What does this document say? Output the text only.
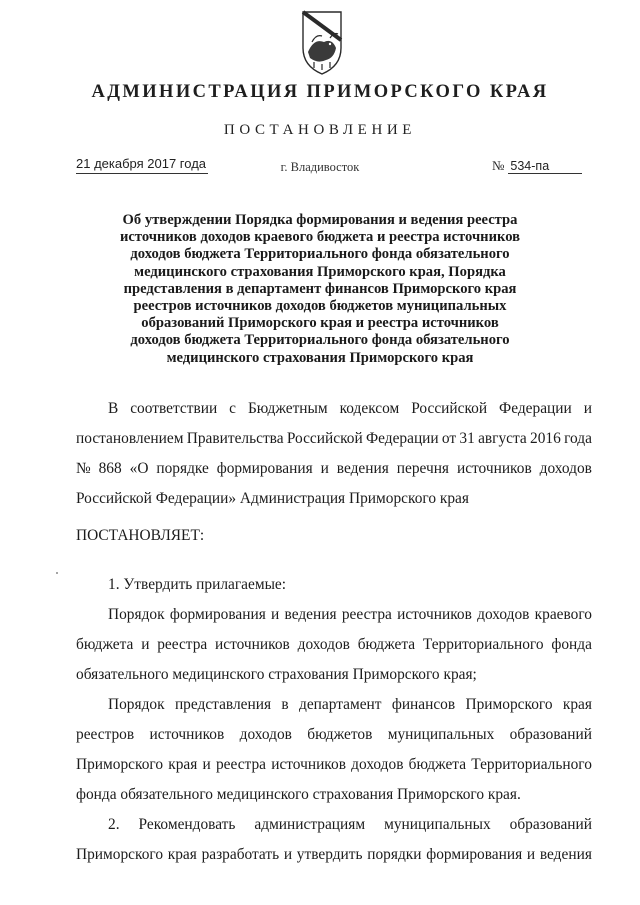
АДМИНИСТРАЦИЯ ПРИМОРСКОГО КРАЯ
ПОСТАНОВЛЕНИЕ
21 декабря 2017 года	г. Владивосток	№ 534-па
Об утверждении Порядка формирования и ведения реестра
источников доходов краевого бюджета и реестра источников
доходов бюджета Территориального фонда обязательного
медицинского страхования Приморского края, Порядка
представления в департамент финансов Приморского края
реестров источников доходов бюджетов муниципальных
образований Приморского края и реестра источников
доходов бюджета Территориального фонда обязательного
медицинского страхования Приморского края
В соответствии с Бюджетным кодексом Российской Федерации и
постановлением Правительства Российской Федерации от 31 августа 2016 года
№ 868 «О порядке формирования и ведения перечня источников доходов
Российской Федерации» Администрация Приморского края
ПОСТАНОВЛЯЕТ:
1. Утвердить прилагаемые:
Порядок формирования и ведения реестра источников доходов краевого
бюджета и реестра источников доходов бюджета Территориального фонда
обязательного медицинского страхования Приморского края;
Порядок представления в департамент финансов Приморского края
реестров источников доходов бюджетов муниципальных образований
Приморского края и реестра источников доходов бюджета Территориального
фонда обязательного медицинского страхования Приморского края.
2. Рекомендовать администрациям муниципальных образований
Приморского края разработать и утвердить порядки формирования и ведения
